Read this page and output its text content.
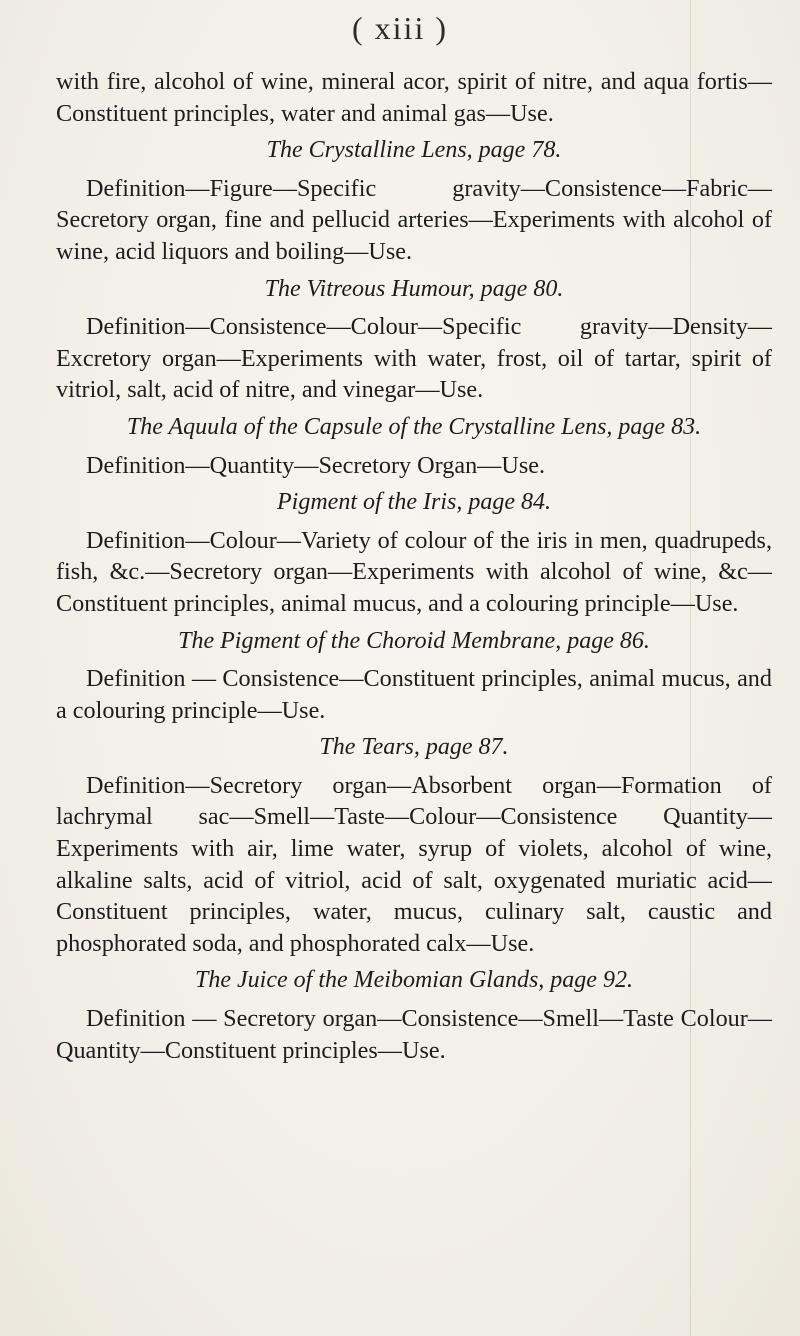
( xiii )

with fire, alcohol of wine, mineral acor, spirit of nitre, and aqua fortis—Constituent principles, water and animal gas—Use.

The Crystalline Lens, page 78.

Definition—Figure—Specific gravity—Consistence—Fabric—Secretory organ, fine and pellucid arteries—Experiments with alcohol of wine, acid liquors and boiling—Use.

The Vitreous Humour, page 80.

Definition—Consistence—Colour—Specific gravity—Density—Excretory organ—Experiments with water, frost, oil of tartar, spirit of vitriol, salt, acid of nitre, and vinegar—Use.

The Aquula of the Capsule of the Crystalline Lens, page 83.

Definition—Quantity—Secretory Organ—Use.

Pigment of the Iris, page 84.

Definition—Colour—Variety of colour of the iris in men, quadrupeds, fish, &c.—Secretory organ—Experiments with alcohol of wine, &c—Constituent principles, animal mucus, and a colouring principle—Use.

The Pigment of the Choroid Membrane, page 86.

Definition — Consistence—Constituent principles, animal mucus, and a colouring principle—Use.

The Tears, page 87.

Definition—Secretory organ—Absorbent organ—Formation of lachrymal sac—Smell—Taste—Colour—Consistence Quantity—Experiments with air, lime water, syrup of violets, alcohol of wine, alkaline salts, acid of vitriol, acid of salt, oxygenated muriatic acid—Constituent principles, water, mucus, culinary salt, caustic and phosphorated soda, and phosphorated calx—Use.

The Juice of the Meibomian Glands, page 92.

Definition — Secretory organ—Consistence—Smell—Taste Colour—Quantity—Constituent principles—Use.
